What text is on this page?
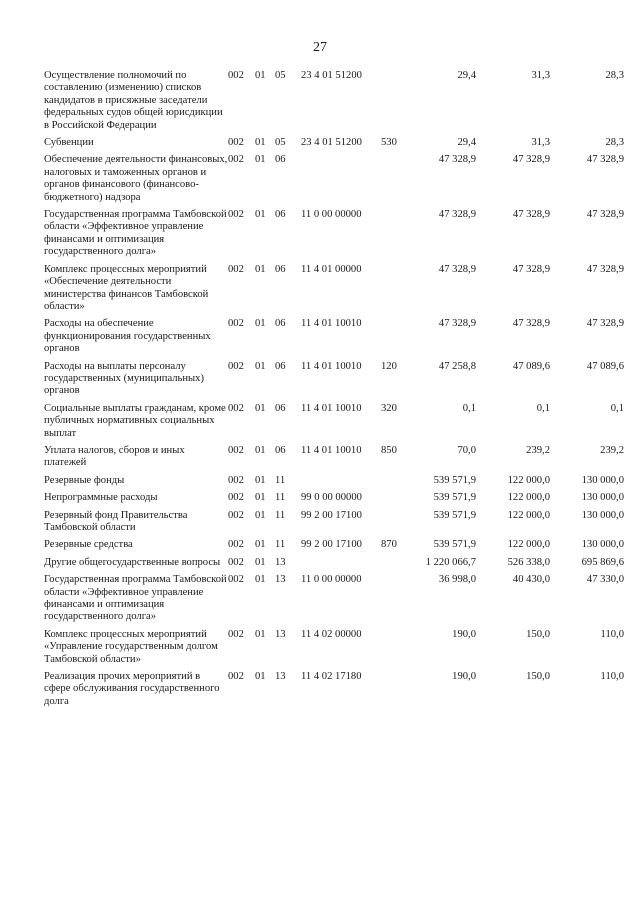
27
Осуществление полномочий по составлению (изменению) списков кандидатов в присяжные заседатели федеральных судов общей юрисдикции в Российской Федерации	002	01	05	23 4 01 51200		29,4	31,3	28,3
Субвенции	002	01	05	23 4 01 51200	530	29,4	31,3	28,3
Обеспечение деятельности финансовых, налоговых и таможенных органов и органов финансового (финансово-бюджетного) надзора	002	01	06			47 328,9	47 328,9	47 328,9
Государственная программа Тамбовской области «Эффективное управление финансами и оптимизация государственного долга»	002	01	06	11 0 00 00000		47 328,9	47 328,9	47 328,9
Комплекс процессных мероприятий «Обеспечение деятельности министерства финансов Тамбовской области»	002	01	06	11 4 01 00000		47 328,9	47 328,9	47 328,9
Расходы на обеспечение функционирования государственных органов	002	01	06	11 4 01 10010		47 328,9	47 328,9	47 328,9
Расходы на выплаты персоналу государственных (муниципальных) органов	002	01	06	11 4 01 10010	120	47 258,8	47 089,6	47 089,6
Социальные выплаты гражданам, кроме публичных нормативных социальных выплат	002	01	06	11 4 01 10010	320	0,1	0,1	0,1
Уплата налогов, сборов и иных платежей	002	01	06	11 4 01 10010	850	70,0	239,2	239,2
Резервные фонды	002	01	11			539 571,9	122 000,0	130 000,0
Непрограммные расходы	002	01	11	99 0 00 00000		539 571,9	122 000,0	130 000,0
Резервный фонд Правительства Тамбовской области	002	01	11	99 2 00 17100		539 571,9	122 000,0	130 000,0
Резервные средства	002	01	11	99 2 00 17100	870	539 571,9	122 000,0	130 000,0
Другие общегосударственные вопросы	002	01	13			1 220 066,7	526 338,0	695 869,6
Государственная программа Тамбовской области «Эффективное управление финансами и оптимизация государственного долга»	002	01	13	11 0 00 00000		36 998,0	40 430,0	47 330,0
Комплекс процессных мероприятий «Управление государственным долгом Тамбовской области»	002	01	13	11 4 02 00000		190,0	150,0	110,0
Реализация прочих мероприятий в сфере обслуживания государственного долга	002	01	13	11 4 02 17180		190,0	150,0	110,0
